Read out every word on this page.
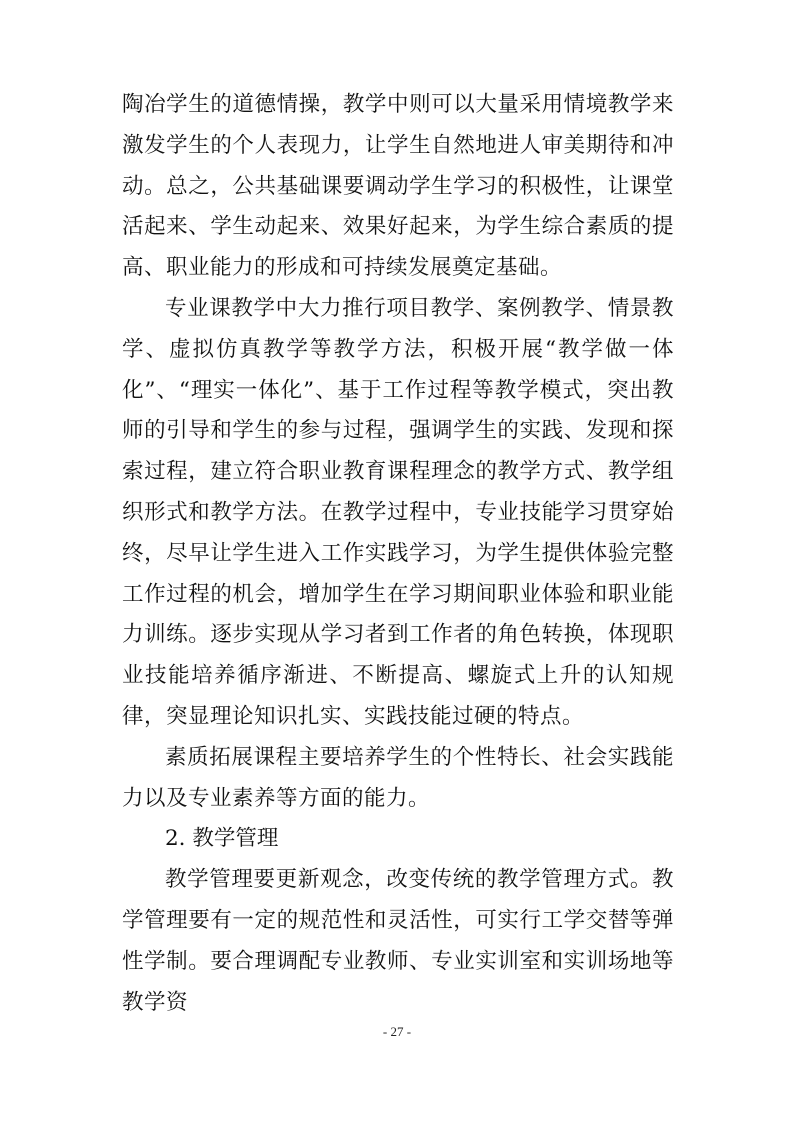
陶冶学生的道德情操，教学中则可以大量采用情境教学来激发学生的个人表现力，让学生自然地进人审美期待和冲动。总之，公共基础课要调动学生学习的积极性，让课堂活起来、学生动起来、效果好起来，为学生综合素质的提高、职业能力的形成和可持续发展奠定基础。

专业课教学中大力推行项目教学、案例教学、情景教学、虚拟仿真教学等教学方法，积极开展“教学做一体化”、“理实一体化”、基于工作过程等教学模式，突出教师的引导和学生的参与过程，强调学生的实践、发现和探索过程，建立符合职业教育课程理念的教学方式、教学组织形式和教学方法。在教学过程中，专业技能学习贯穿始终，尽早让学生进入工作实践学习，为学生提供体验完整工作过程的机会，增加学生在学习期间职业体验和职业能力训练。逐步实现从学习者到工作者的角色转换，体现职业技能培养循序渐进、不断提高、螺旋式上升的认知规律，突显理论知识扎实、实践技能过硬的特点。

素质拓展课程主要培养学生的个性特长、社会实践能力以及专业素养等方面的能力。

2. 教学管理

教学管理要更新观念，改变传统的教学管理方式。教学管理要有一定的规范性和灵活性，可实行工学交替等弹性学制。要合理调配专业教师、专业实训室和实训场地等教学资

- 27 -
